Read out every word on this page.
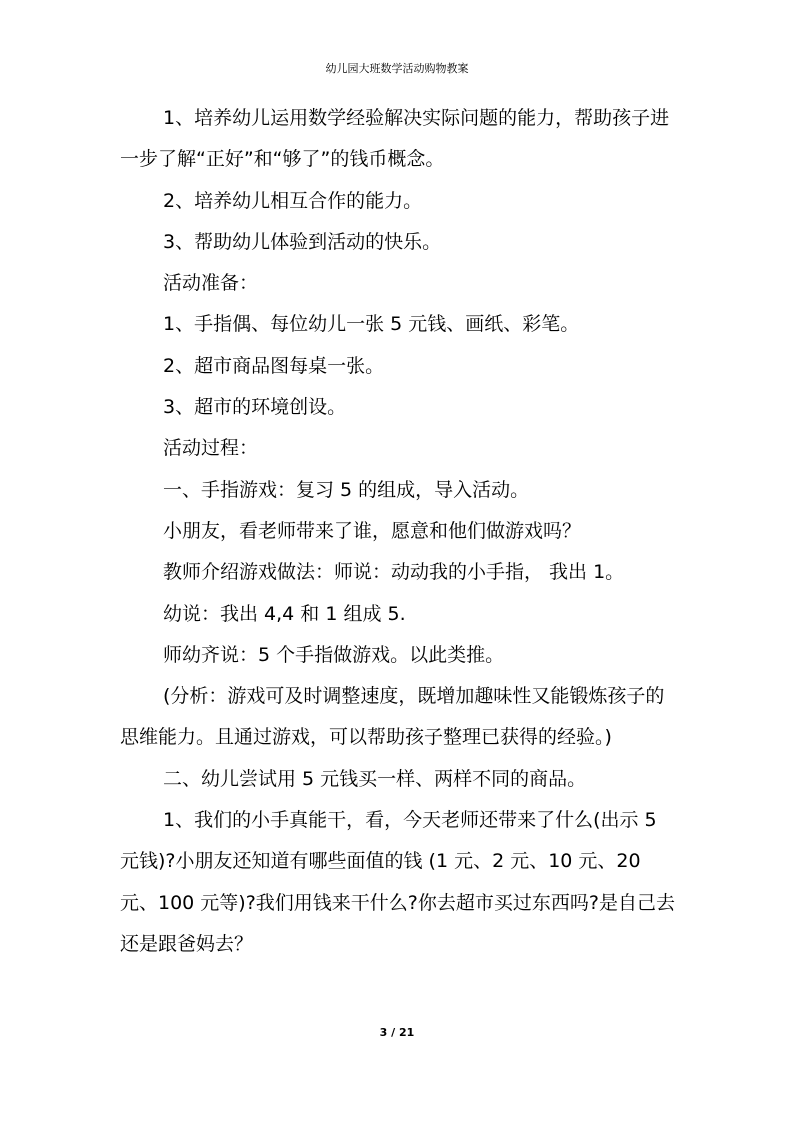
幼儿园大班数学活动购物教案

1、培养幼儿运用数学经验解决实际问题的能力，帮助孩子进一步了解“正好”和“够了”的钱币概念。

2、培养幼儿相互合作的能力。

3、帮助幼儿体验到活动的快乐。

活动准备：

1、手指偶、每位幼儿一张 5 元钱、画纸、彩笔。

2、超市商品图每桌一张。

3、超市的环境创设。

活动过程：

一、手指游戏：复习 5 的组成，导入活动。

小朋友，看老师带来了谁，愿意和他们做游戏吗？

教师介绍游戏做法：师说：动动我的小手指， 我出 1。

幼说：我出 4,4 和 1 组成 5.

师幼齐说：5 个手指做游戏。以此类推。

(分析：游戏可及时调整速度，既增加趣味性又能锻炼孩子的思维能力。且通过游戏，可以帮助孩子整理已获得的经验。)

二、幼儿尝试用 5 元钱买一样、两样不同的商品。

1、我们的小手真能干，看，今天老师还带来了什么(出示 5 元钱)?小朋友还知道有哪些面值的钱 (1 元、2 元、10 元、20 元、100 元等)?我们用钱来干什么?你去超市买过东西吗?是自己去还是跟爸妈去？

3 / 21
